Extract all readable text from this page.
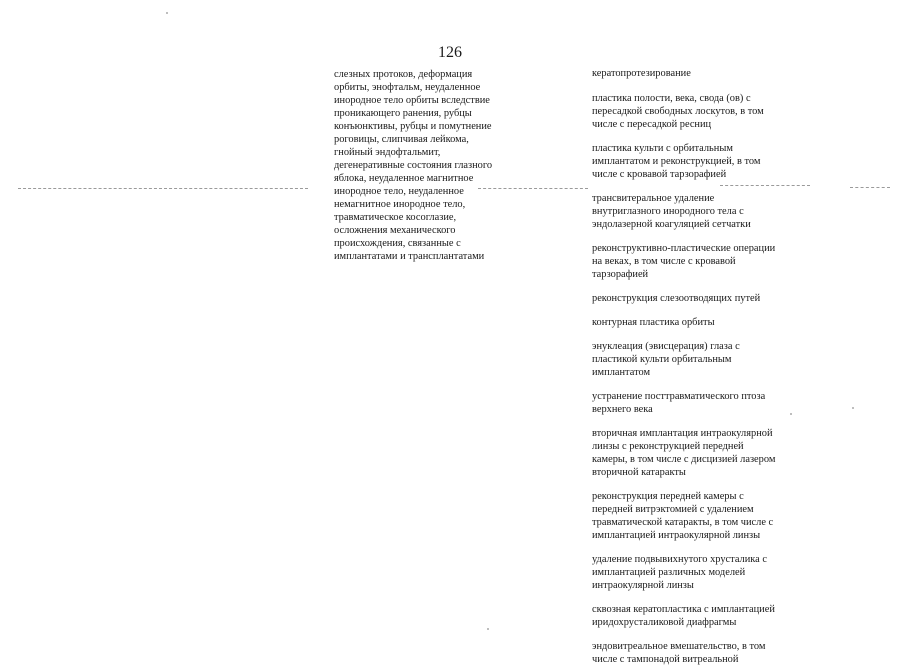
126
слезных протоков, деформация
орбиты, энофтальм, неудаленное
инородное тело орбиты вследствие
проникающего ранения, рубцы
конъюнктивы, рубцы и помутнение
роговицы, слипчивая лейкома,
гнойный эндофтальмит,
дегенеративные состояния глазного
яблока, неудаленное магнитное
инородное тело, неудаленное
немагнитное инородное тело,
травматическое косоглазие,
осложнения механического
происхождения, связанные с
имплантатами и трансплантатами
кератопротезирование
пластика полости, века, свода (ов) с
пересадкой свободных лоскутов, в том
числе с пересадкой ресниц
пластика культи с орбитальным
имплантатом и реконструкцией, в том
числе с кровавой тарзорафией
трансвитеральное удаление
внутриглазного инородного тела с
эндолазерной коагуляцией сетчатки
реконструктивно-пластические операции
на веках, в том числе с кровавой
тарзорафией
реконструкция слезоотводящих путей
контурная пластика орбиты
энуклеация (эвисцерация) глаза с
пластикой культи орбитальным
имплантатом
устранение посттравматического птоза
верхнего века
вторичная имплантация интраокулярной
линзы с реконструкцией передней
камеры, в том числе с дисцизией лазером
вторичной катаракты
реконструкция передней камеры с
передней витрэктомией с удалением
травматической катаракты, в том числе с
имплантацией интраокулярной линзы
удаление подвывихнутого хрусталика с
имплантацией различных моделей
интраокулярной линзы
сквозная кератопластика с имплантацией
иридохрусталиковой диафрагмы
эндовитреальное вмешательство, в том
числе с тампонадой витреальной
